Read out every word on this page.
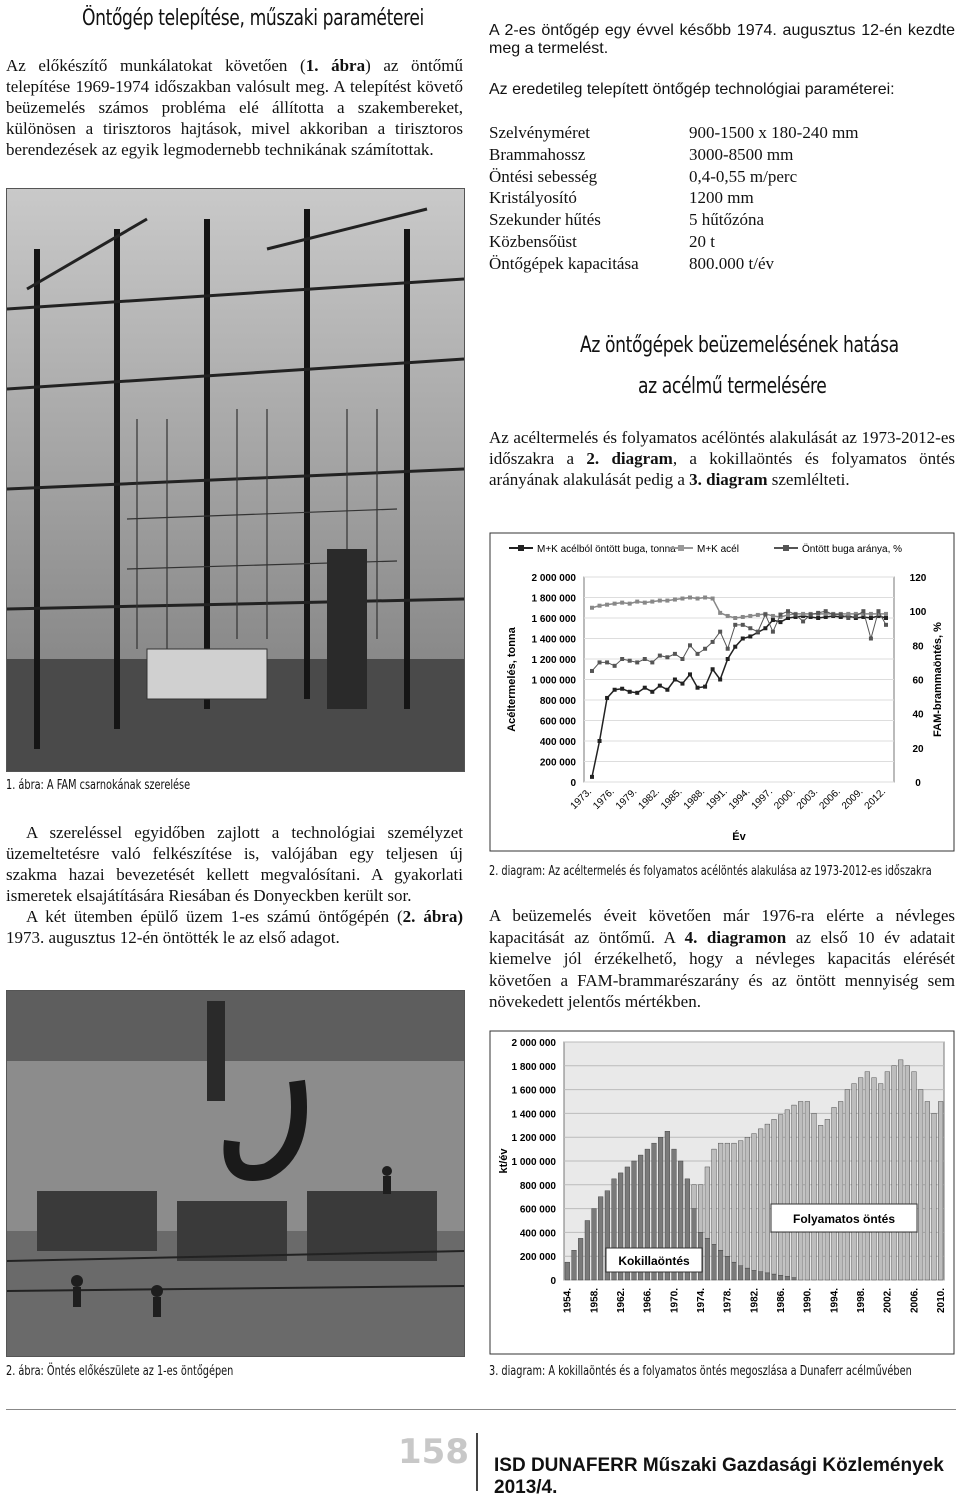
Öntőgép telepítése, műszaki paraméterei
Az előkészítő munkálatokat követően (1. ábra) az öntőmű telepítése 1969-1974 időszakban valósult meg. A telepítést követő beüzemelés számos probléma elé állította a szakembereket, különösen a tirisztoros hajtások, mivel akkoriban a tirisztoros berendezések az egyik legmodernebb technikának számítottak.
1. ábra: A FAM csarnokának szerelése

A szereléssel egyidőben zajlott a technológiai személyzet üzemeltetésre való felkészítése is, valójában egy teljesen új szakma hazai bevezetését kellett megvalósítani. A gyakorlati ismeretek elsajátítására Riesában és Donyeckben került sor.

A két ütemben épülő üzem 1-es számú öntőgépén (2. ábra) 1973. augusztus 12-én öntötték le az első adagot.

2. ábra: Öntés előkészülete az 1-es öntőgépen
A 2-es öntőgép egy évvel később 1974. augusztus 12-én kezdte meg a termelést.
Az eredetileg telepített öntőgép technológiai paraméterei:
Szelvényméret	900-1500 x 180-240 mm
Brammahossz	3000-8500 mm
Öntési sebesség	0,4-0,55 m/perc
Kristályosító	1200 mm
Szekunder hűtés	5 hűtőzóna
Közbensőüst	20 t
Öntőgépek kapacitása	800.000 t/év
Az öntőgépek beüzemelésének hatása
az acélmű termelésére
Az acéltermelés és folyamatos acélöntés alakulását az 1973-2012-es időszakra a 2. diagram, a kokillaöntés és folyamatos öntés arányának alakulását pedig a 3. diagram szemlélteti.
M+K acélból öntött buga, tonna M+K acél	Öntött buga aránya, %
2 000 000
1 800 000
1 600 000
1 400 000
1 200 000
1 000 000
800 000
600 000
400 000
200 000
0
120
100
80
60
40
20
0
Acéltermelés, tonna	FAM-brammaöntés, %
1973.
1976.
1979.
1982.
1985.
1988.
1991.
1994.
1997.
2000.
2003.
2006.
2009.
2012.
Év
2. diagram: Az acéltermelés és folyamatos acélöntés alakulása az 1973-2012-es időszakra
A beüzemelés éveit követően már 1976-ra elérte a névleges kapacitását az öntőmű. A 4. diagramon az első 10 év adatait kiemelve jól érzékelhető, hogy a névleges kapacitás elérését követően a FAM-brammarészarány és az öntött mennyiség sem növekedett jelentős mértékben.
2 000 000
1 800 000
1 600 000
1 400 000
1 200 000
1 000 000
800 000
600 000
400 000
200 000
0
kt/év
1954. 1958. 1962. 1966. 1970. 1974. 1978. 1982. 1986. 1990. 1994. 1998. 2002. 2006. 2010.
Folyamatos öntés
Kokillaöntés
3. diagram: A kokillaöntés és a folyamatos öntés megoszlása a Dunaferr acélművében
158 ISD DUNAFERR Műszaki Gazdasági Közlemények 2013/4.
